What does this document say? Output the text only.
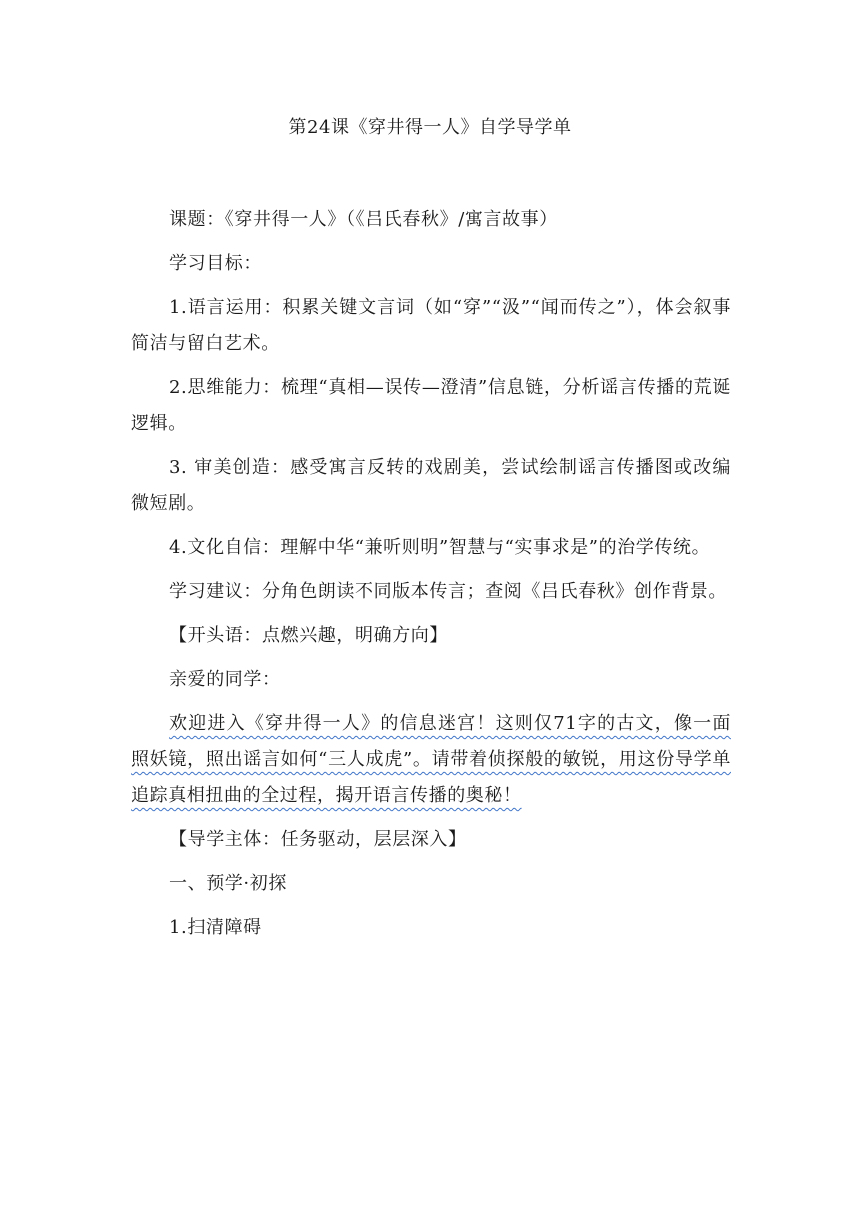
第24课《穿井得一人》自学导学单

课题：《穿井得一人》（《吕氏春秋》/寓言故事）

学习目标：

1.语言运用：积累关键文言词（如“穿”“汲”“闻而传之”），体会叙事简洁与留白艺术。

2.思维能力：梳理“真相—误传—澄清”信息链，分析谣言传播的荒诞逻辑。

3. 审美创造：感受寓言反转的戏剧美，尝试绘制谣言传播图或改编微短剧。

4.文化自信：理解中华“兼听则明”智慧与“实事求是”的治学传统。

学习建议：分角色朗读不同版本传言；查阅《吕氏春秋》创作背景。

【开头语：点燃兴趣，明确方向】

亲爱的同学：

欢迎进入《穿井得一人》的信息迷宫！这则仅71字的古文，像一面照妖镜，照出谣言如何“三人成虎”。请带着侦探般的敏锐，用这份导学单追踪真相扭曲的全过程，揭开语言传播的奥秘！

【导学主体：任务驱动，层层深入】

一、预学·初探

1.扫清障碍
